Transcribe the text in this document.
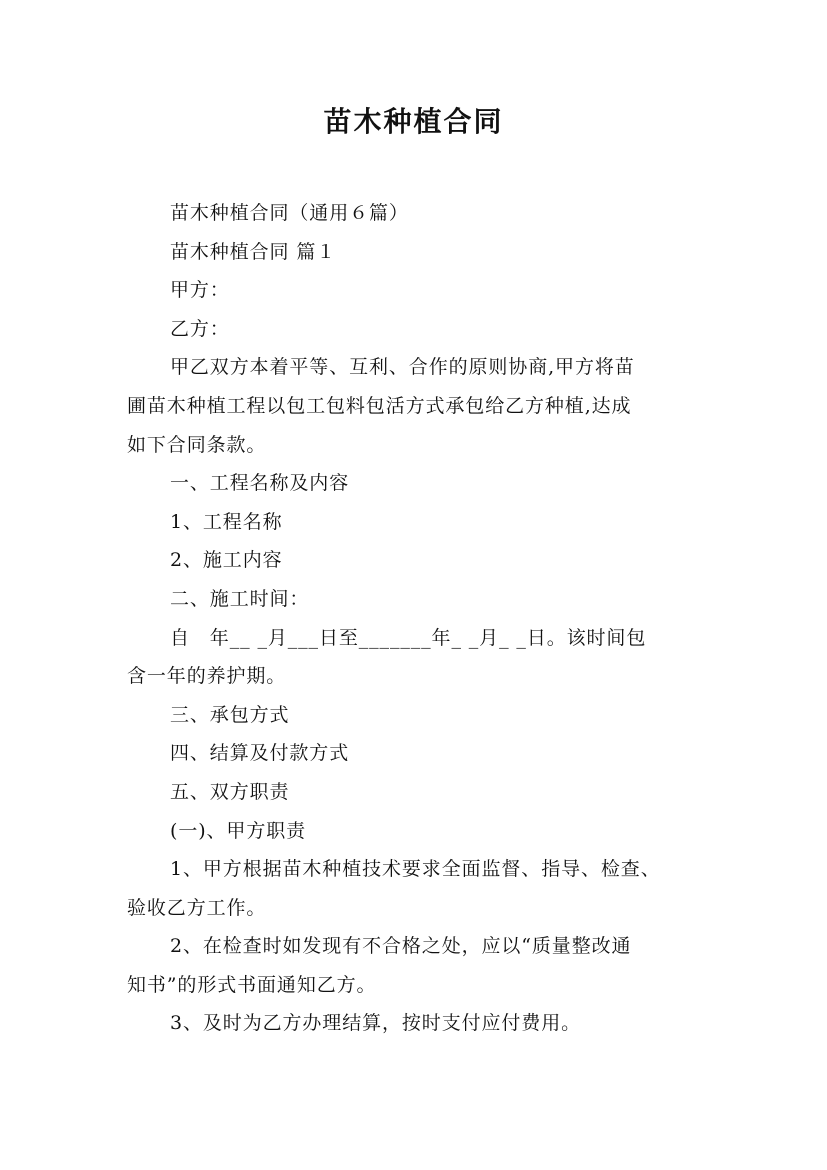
苗木种植合同

苗木种植合同（通用６篇）

苗木种植合同 篇１

甲方：

乙方：

甲乙双方本着平等、互利、合作的原则协商,甲方将苗
圃苗木种植工程以包工包料包活方式承包给乙方种植,达成
如下合同条款。

一、工程名称及内容

1、工程名称

2、施工内容

二、施工时间：

自　年__ _月___日至_______年_ _月_ _日。该时间包
含一年的养护期。

三、承包方式

四、结算及付款方式

五、双方职责

(一)、甲方职责

1、甲方根据苗木种植技术要求全面监督、指导、检查、
验收乙方工作。

2、在检查时如发现有不合格之处，应以“质量整改通
知书”的形式书面通知乙方。

3、及时为乙方办理结算，按时支付应付费用。
